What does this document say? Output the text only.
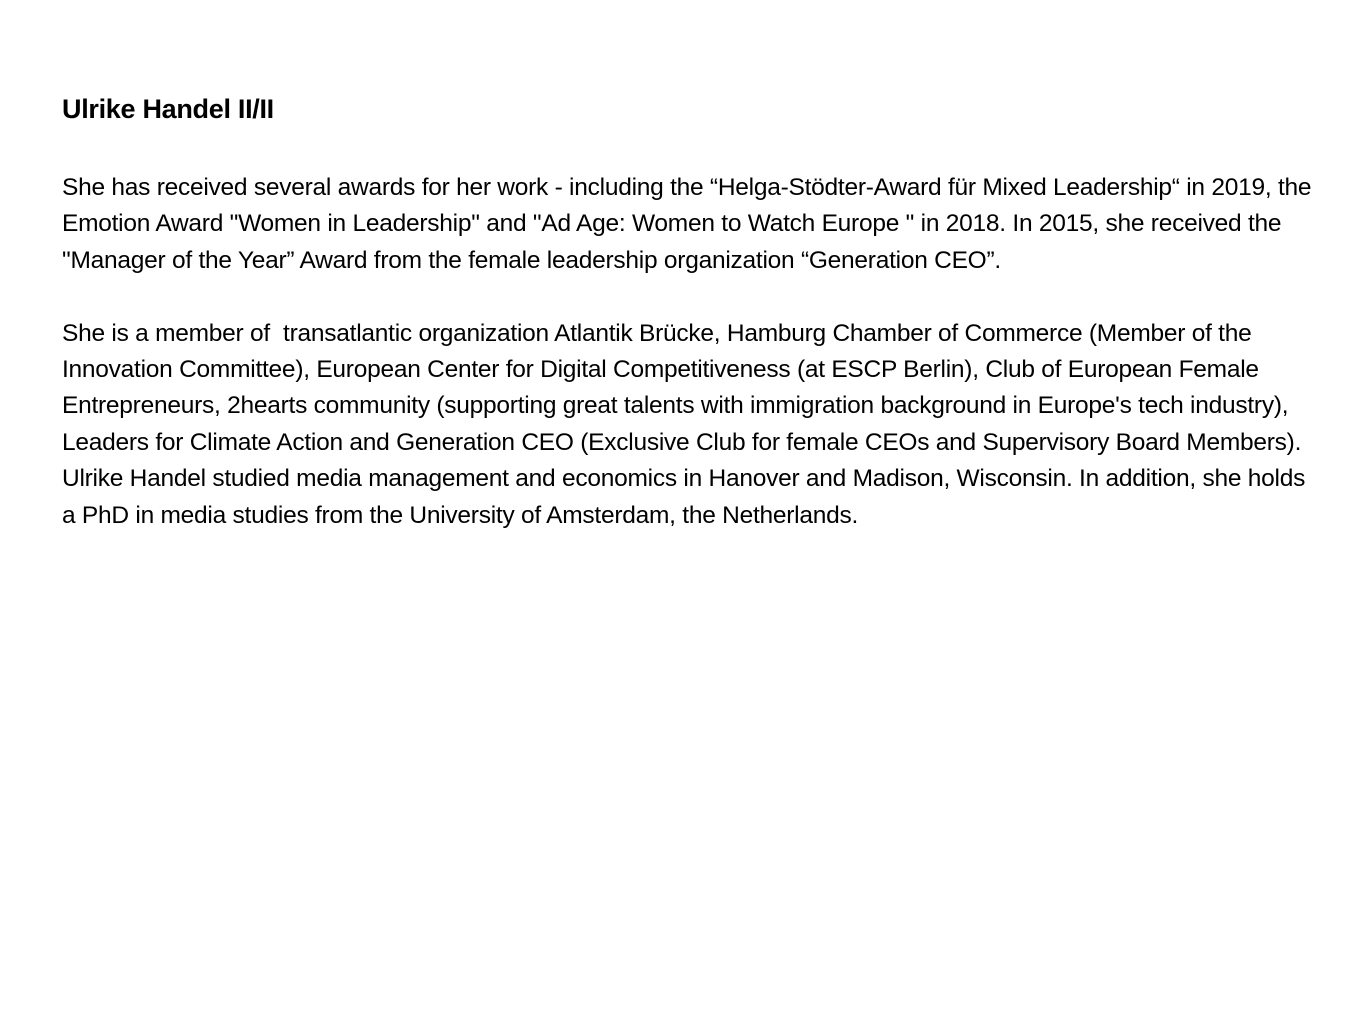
Ulrike Handel II/II

She has received several awards for her work - including the “Helga-Stödter-Award für Mixed Leadership“ in 2019, the Emotion Award "Women in Leadership" and "Ad Age: Women to Watch Europe " in 2018. In 2015, she received the "Manager of the Year” Award from the female leadership organization “Generation CEO”.

She is a member of  transatlantic organization Atlantik Brücke, Hamburg Chamber of Commerce (Member of the Innovation Committee), European Center for Digital Competitiveness (at ESCP Berlin), Club of European Female Entrepreneurs, 2hearts community (supporting great talents with immigration background in Europe's tech industry), Leaders for Climate Action and Generation CEO (Exclusive Club for female CEOs and Supervisory Board Members).

Ulrike Handel studied media management and economics in Hanover and Madison, Wisconsin. In addition, she holds a PhD in media studies from the University of Amsterdam, the Netherlands.
